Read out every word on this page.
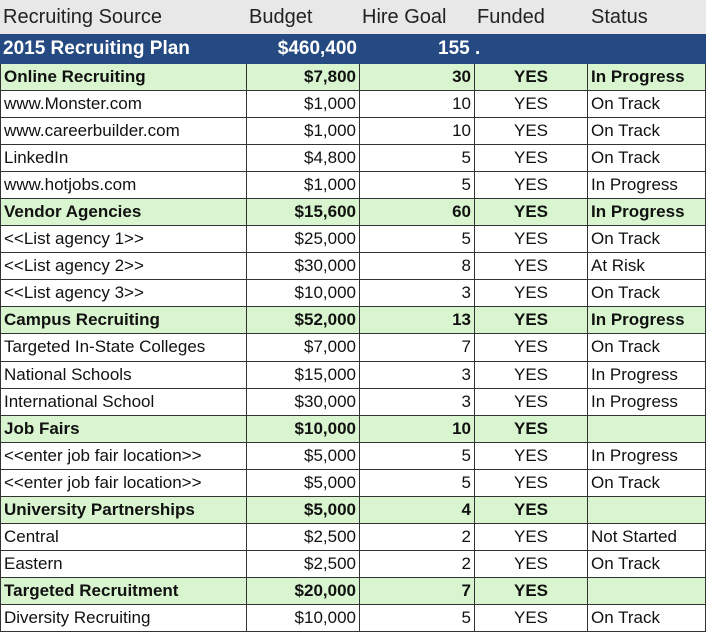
Recruiting Source	Budget	Hire Goal	Funded	Status
2015 Recruiting Plan	$460,400	155 .
Online Recruiting	$7,800	30	YES	In Progress
www.Monster.com	$1,000	10	YES	On Track
www.careerbuilder.com	$1,000	10	YES	On Track
LinkedIn	$4,800	5	YES	On Track
www.hotjobs.com	$1,000	5	YES	In Progress
Vendor Agencies	$15,600	60	YES	In Progress
<<List agency 1>>	$25,000	5	YES	On Track
<<List agency 2>>	$30,000	8	YES	At Risk
<<List agency 3>>	$10,000	3	YES	On Track
Campus Recruiting	$52,000	13	YES	In Progress
Targeted In-State Colleges	$7,000	7	YES	On Track
National Schools	$15,000	3	YES	In Progress
International School	$30,000	3	YES	In Progress
Job Fairs	$10,000	10	YES
<<enter job fair location>>	$5,000	5	YES	In Progress
<<enter job fair location>>	$5,000	5	YES	On Track
University Partnerships	$5,000	4	YES
Central	$2,500	2	YES	Not Started
Eastern	$2,500	2	YES	On Track
Targeted Recruitment	$20,000	7	YES
Diversity Recruiting	$10,000	5	YES	On Track
